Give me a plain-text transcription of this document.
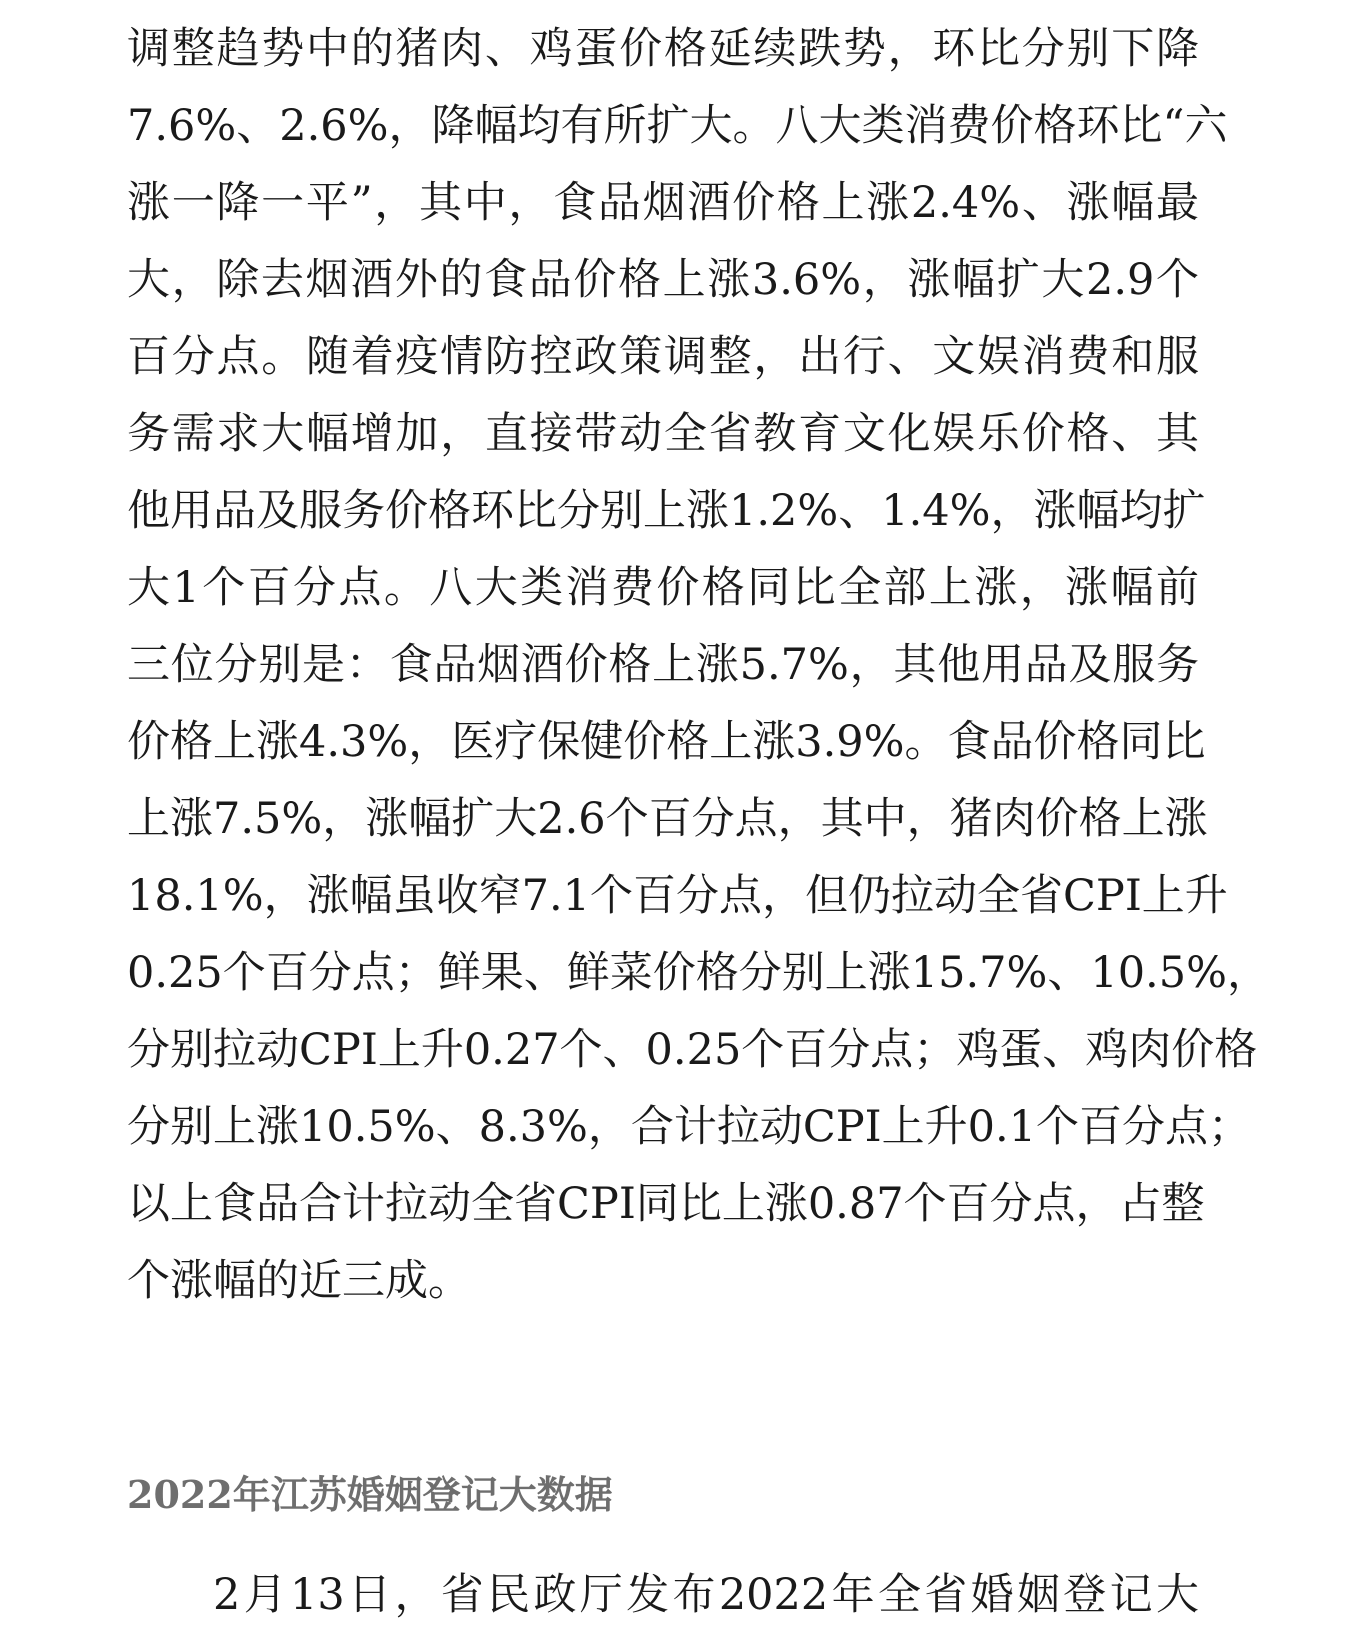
调整趋势中的猪肉、鸡蛋价格延续跌势，环比分别下降
7.6%、2.6%，降幅均有所扩大。八大类消费价格环比“六
涨一降一平”，其中，食品烟酒价格上涨2.4%、涨幅最
大，除去烟酒外的食品价格上涨3.6%，涨幅扩大2.9个
百分点。随着疫情防控政策调整，出行、文娱消费和服
务需求大幅增加，直接带动全省教育文化娱乐价格、其
他用品及服务价格环比分别上涨1.2%、1.4%，涨幅均扩
大1个百分点。八大类消费价格同比全部上涨，涨幅前
三位分别是：食品烟酒价格上涨5.7%，其他用品及服务
价格上涨4.3%，医疗保健价格上涨3.9%。食品价格同比
上涨7.5%，涨幅扩大2.6个百分点，其中，猪肉价格上涨
18.1%，涨幅虽收窄7.1个百分点，但仍拉动全省CPI上升
0.25个百分点；鲜果、鲜菜价格分别上涨15.7%、10.5%，
分别拉动CPI上升0.27个、0.25个百分点；鸡蛋、鸡肉价格
分别上涨10.5%、8.3%，合计拉动CPI上升0.1个百分点；
以上食品合计拉动全省CPI同比上涨0.87个百分点，占整
个涨幅的近三成。
2022年江苏婚姻登记大数据
2月13日，省民政厅发布2022年全省婚姻登记大
